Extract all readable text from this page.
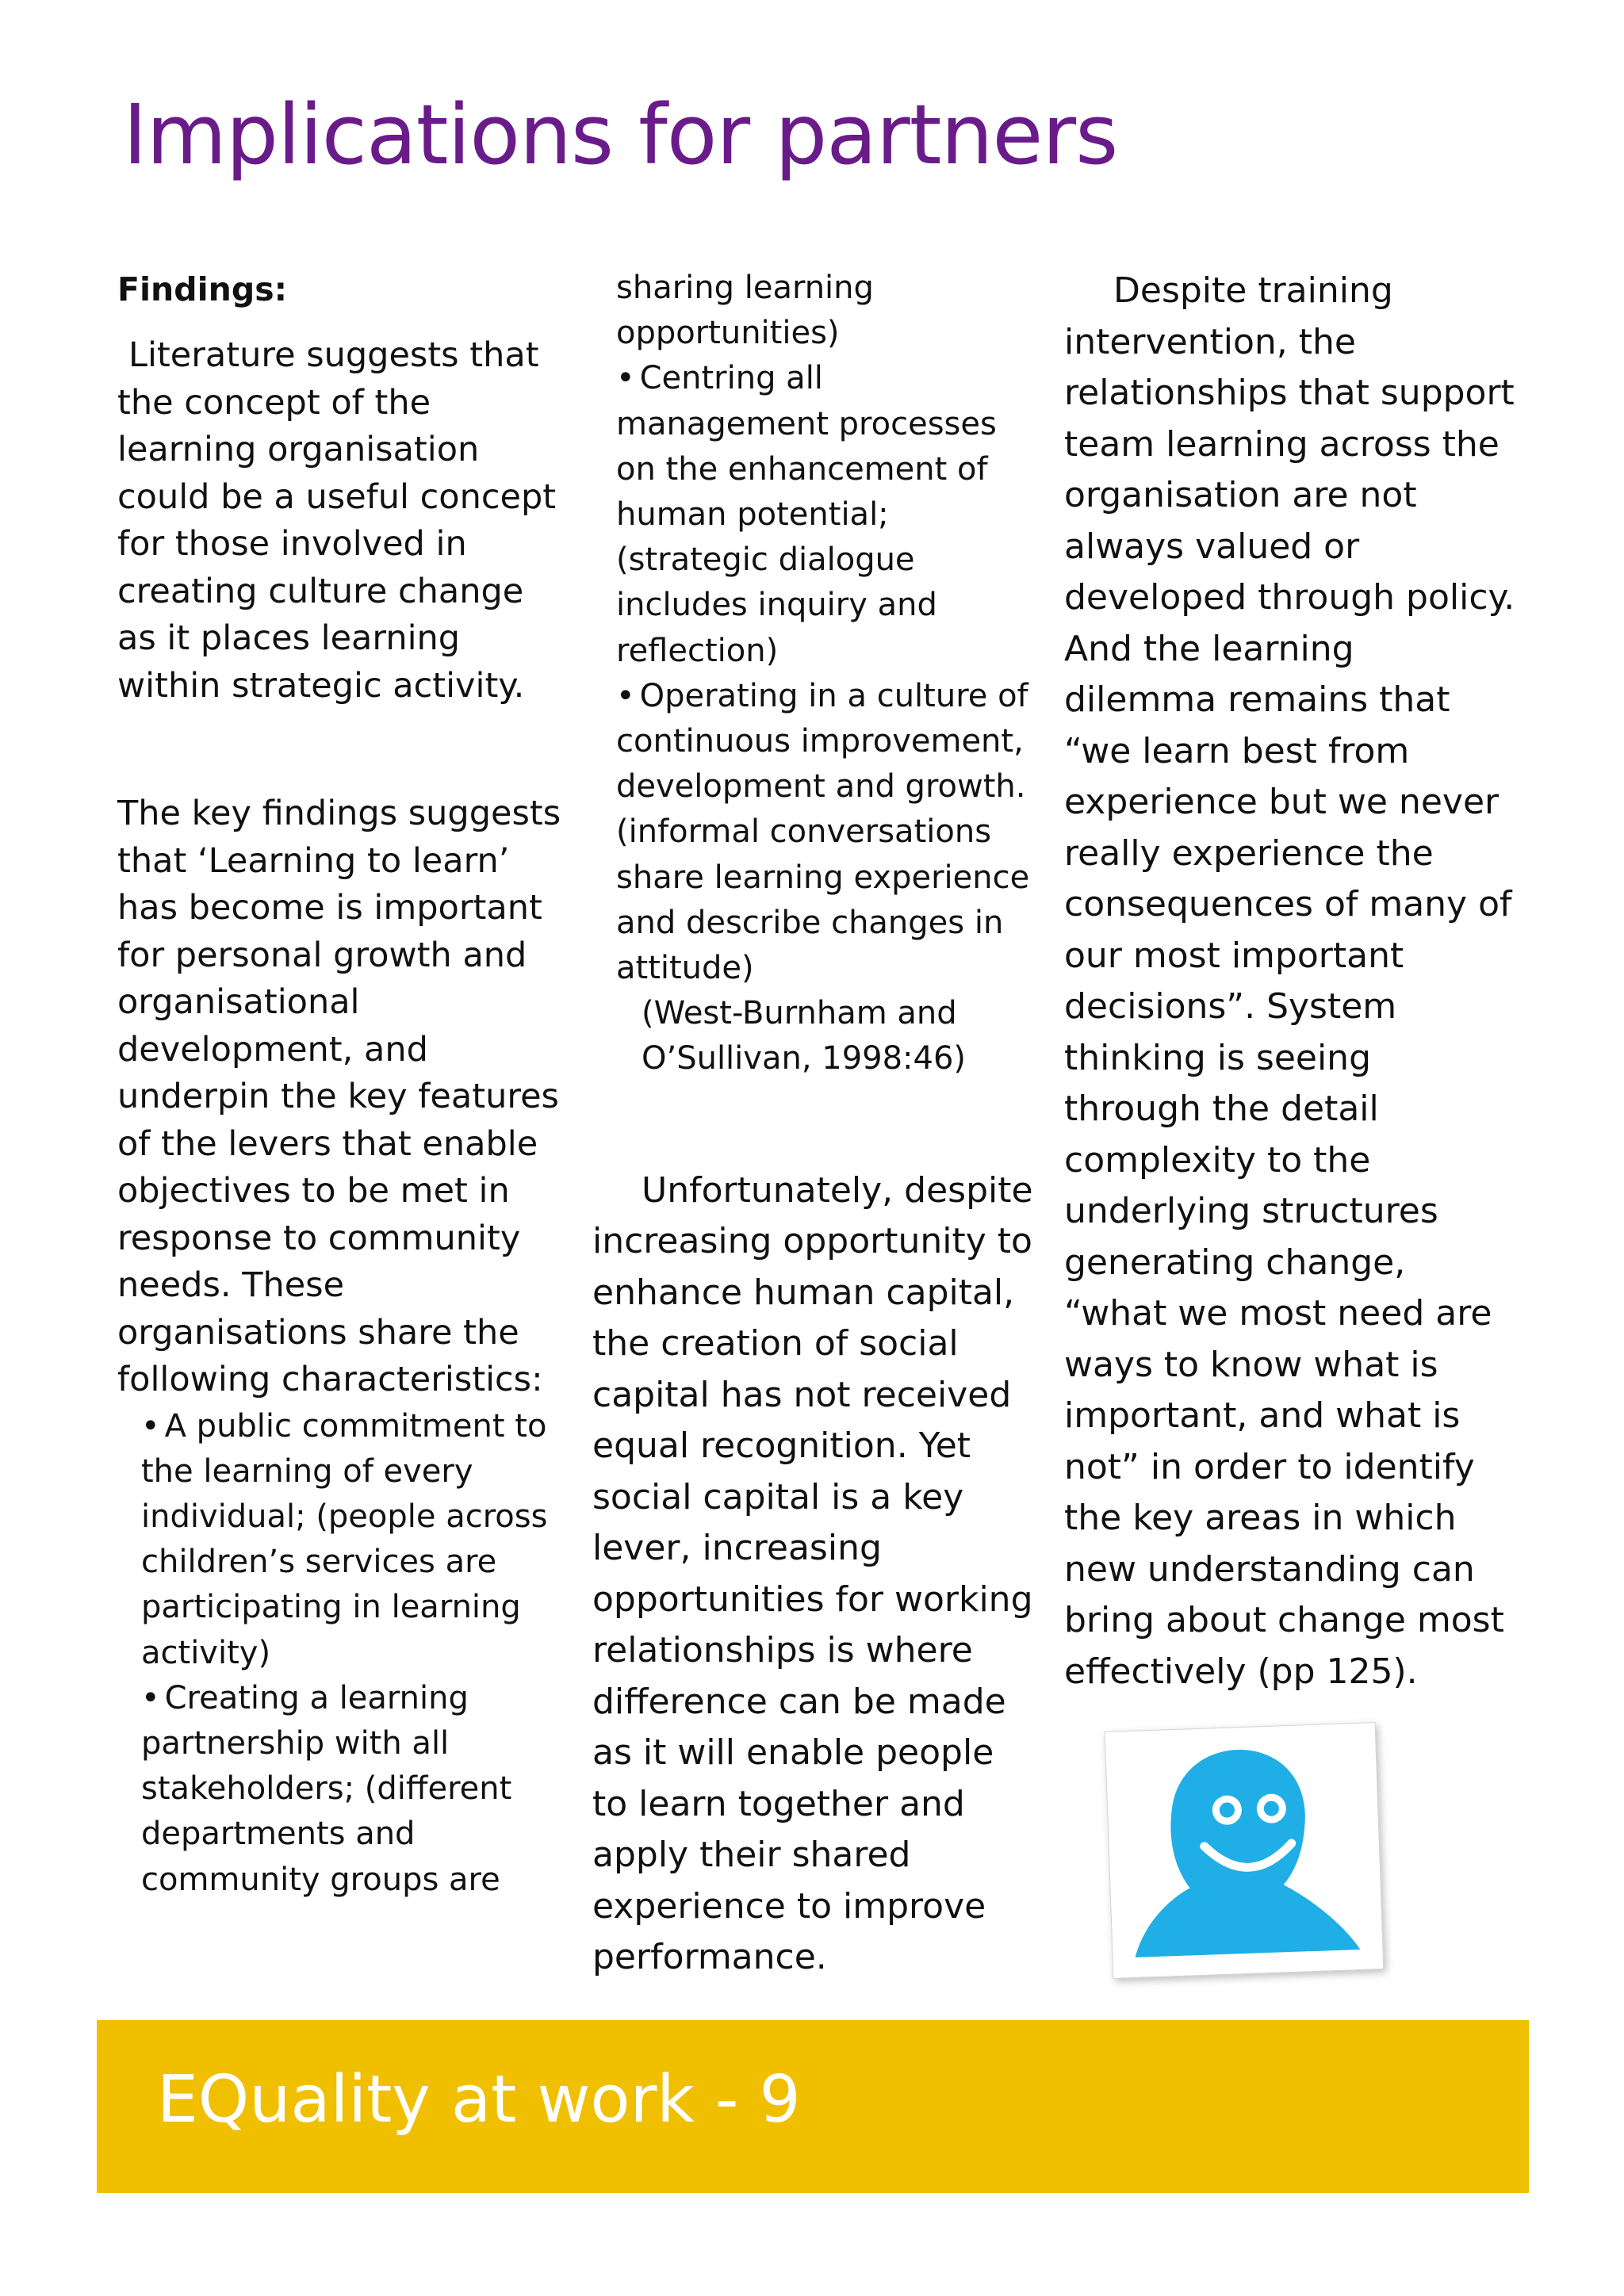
Implications for partners

Findings:

Literature suggests that the concept of the learning organisation could be a useful concept for those involved in creating culture change as it places learning within strategic activity.

The key findings suggests that ‘Learning to learn’ has become is important for personal growth and organisational development, and underpin the key features of the levers that enable objectives to be met in response to community needs. These organisations share the following characteristics:

• A public commitment to the learning of every individual; (people across children’s services are participating in learning activity)
• Creating a learning partnership with all stakeholders; (different departments and community groups are
sharing learning opportunities)
• Centring all management processes on the enhancement of human potential; (strategic dialogue includes inquiry and reflection)
• Operating in a culture of continuous improvement, development and growth. (informal conversations share learning experience and describe changes in attitude)

(West-Burnham and O’Sullivan, 1998:46)

Unfortunately, despite increasing opportunity to enhance human capital, the creation of social capital has not received equal recognition. Yet social capital is a key lever, increasing opportunities for working relationships is where difference can be made as it will enable people to learn together and apply their shared experience to improve performance.

Despite training intervention, the relationships that support team learning across the organisation are not always valued or developed through policy. And the learning dilemma remains that “we learn best from experience but we never really experience the consequences of many of our most important decisions”. System thinking is seeing through the detail complexity to the underlying structures generating change, “what we most need are ways to know what is important, and what is not” in order to identify the key areas in which new understanding can bring about change most effectively (pp 125).

EQuality at work - 9
